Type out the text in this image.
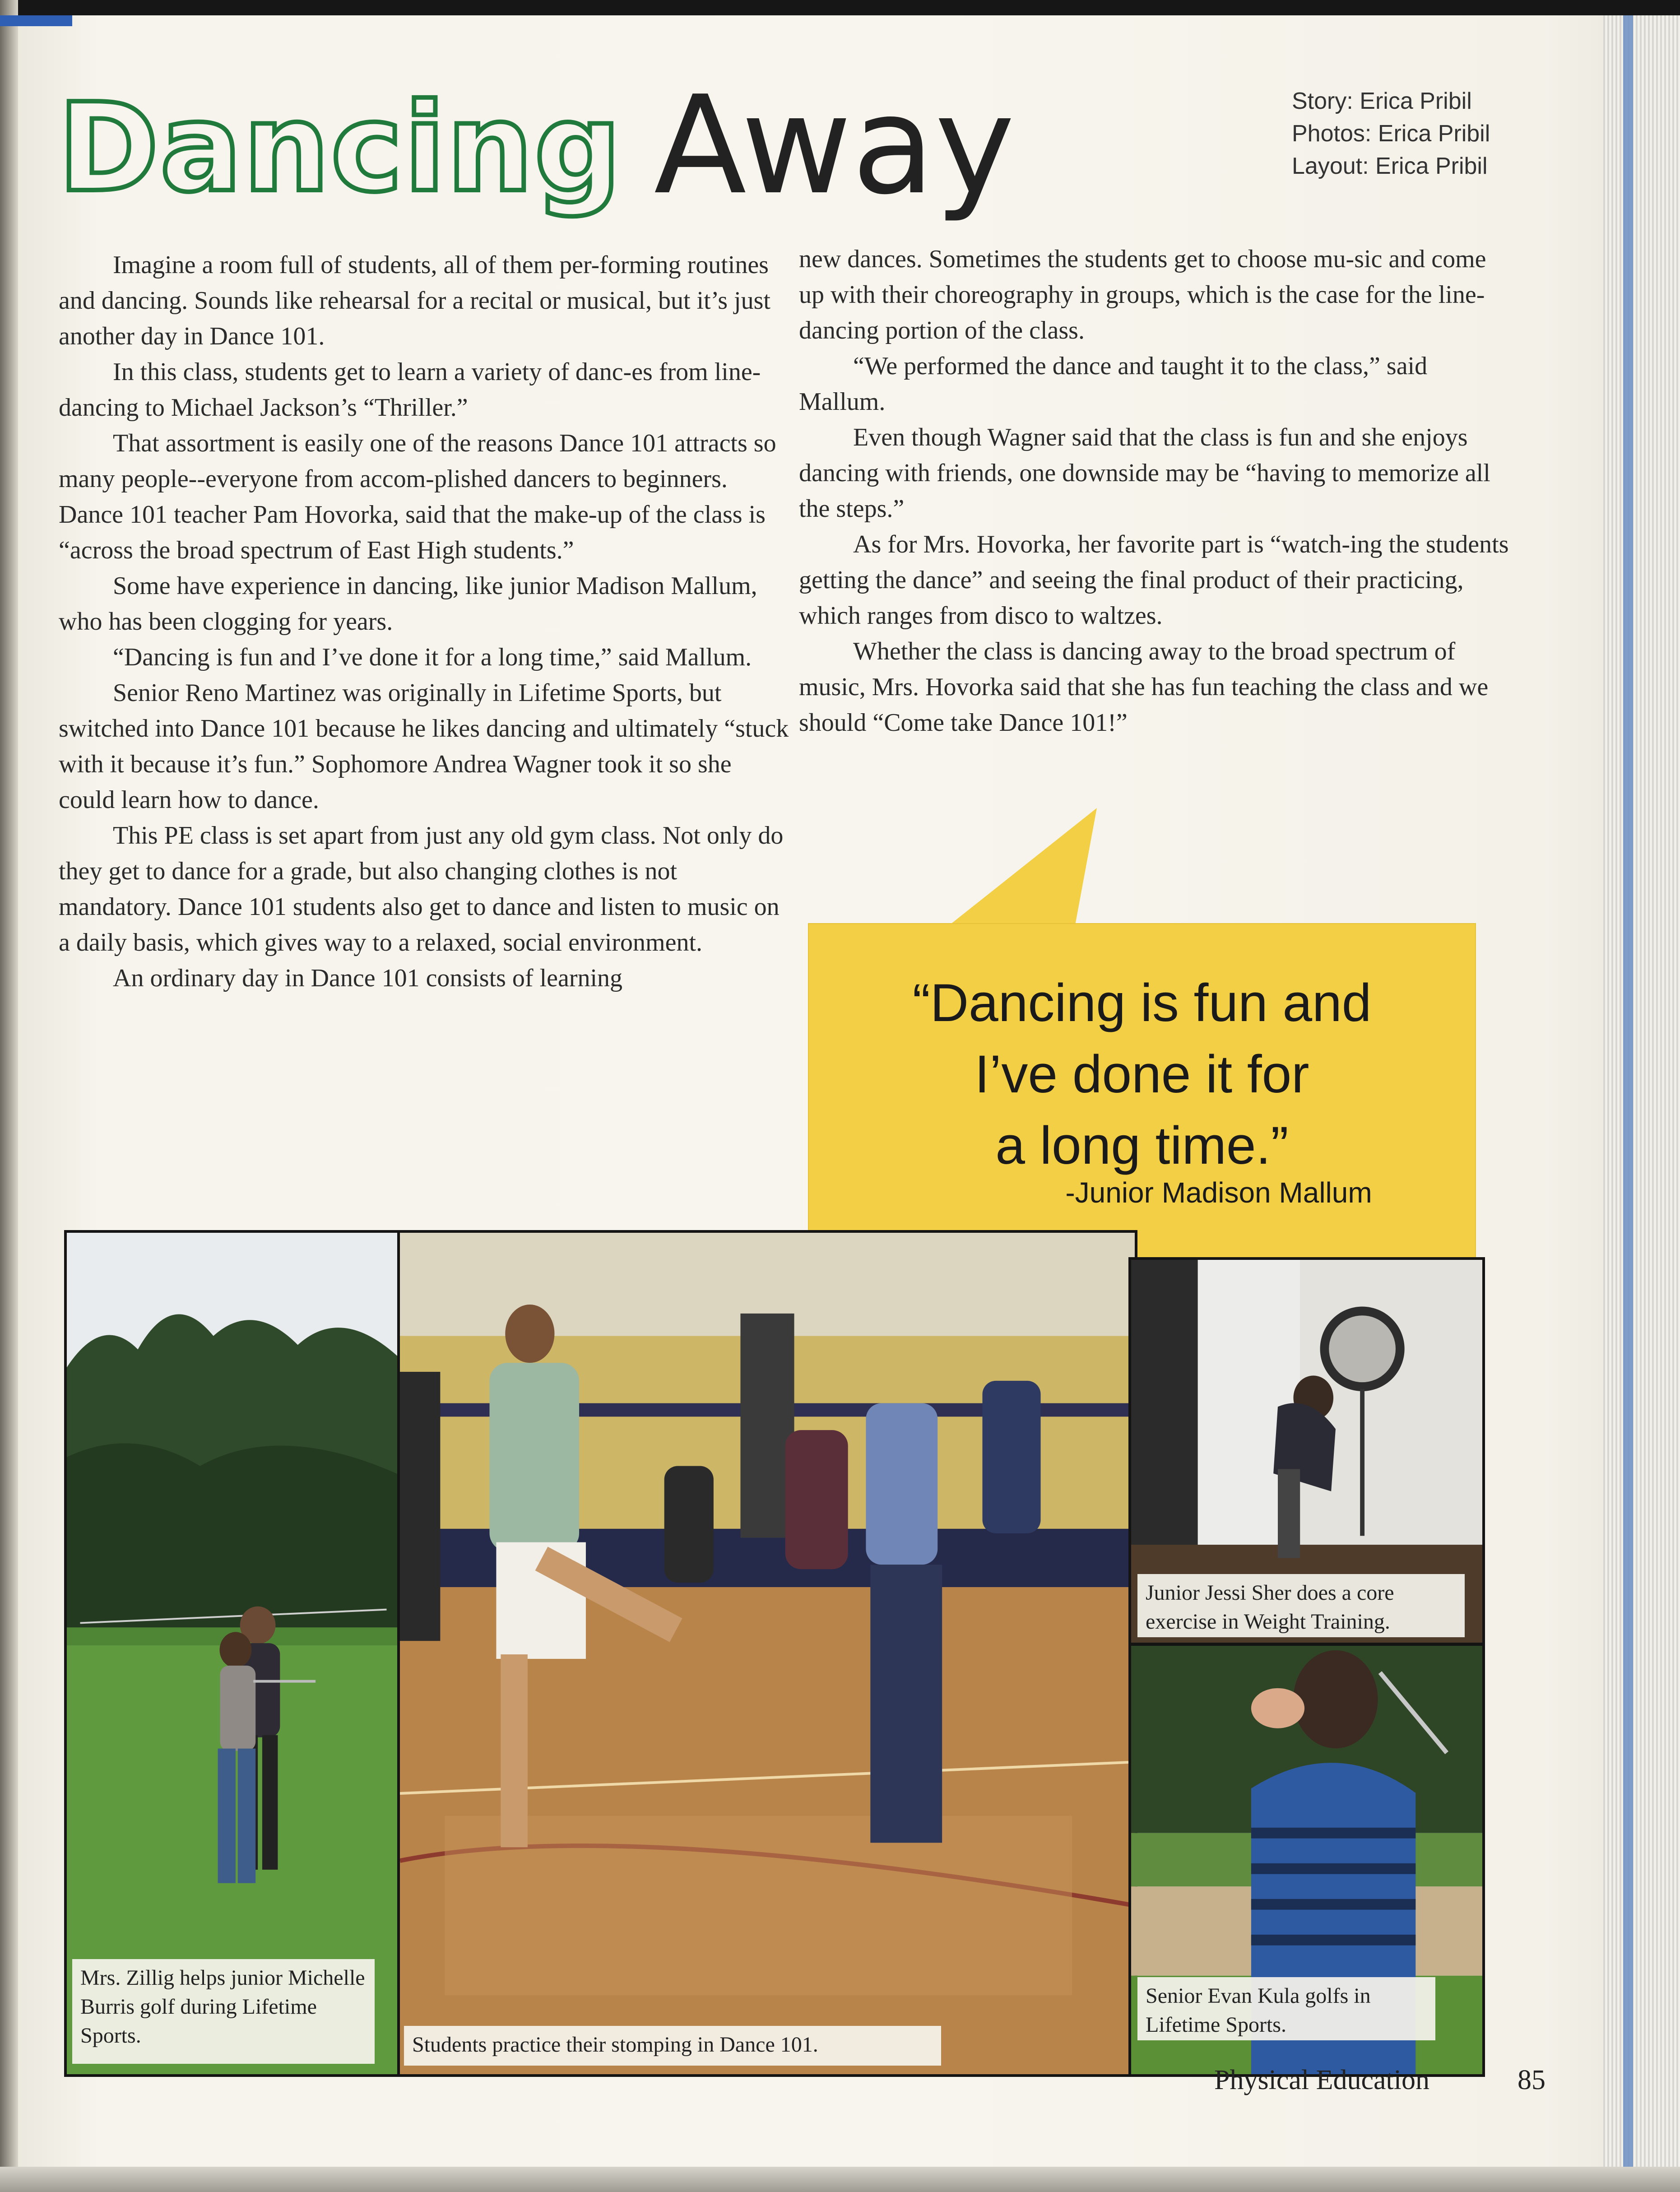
Dancing Away	Story: Erica Pribil
Photos: Erica Pribil
Layout: Erica Pribil

Imagine a room full of students, all of them per-forming routines and dancing. Sounds like rehearsal for a recital or musical, but it’s just another day in Dance 101.

In this class, students get to learn a variety of danc-es from line-dancing to Michael Jackson’s “Thriller.”

That assortment is easily one of the reasons Dance 101 attracts so many people--everyone from accom-plished dancers to beginners. Dance 101 teacher Pam Hovorka, said that the make-up of the class is “across the broad spectrum of East High students.”

Some have experience in dancing, like junior Madison Mallum, who has been clogging for years.

“Dancing is fun and I’ve done it for a long time,” said Mallum.

Senior Reno Martinez was originally in Lifetime Sports, but switched into Dance 101 because he likes dancing and ultimately “stuck with it because it’s fun.” Sophomore Andrea Wagner took it so she could learn how to dance.

This PE class is set apart from just any old gym class. Not only do they get to dance for a grade, but also changing clothes is not mandatory. Dance 101 students also get to dance and listen to music on a daily basis, which gives way to a relaxed, social environment.

An ordinary day in Dance 101 consists of learning

new dances. Sometimes the students get to choose mu-sic and come up with their choreography in groups, which is the case for the line-dancing portion of the class.

“We performed the dance and taught it to the class,” said Mallum.

Even though Wagner said that the class is fun and she enjoys dancing with friends, one downside may be “having to memorize all the steps.”

As for Mrs. Hovorka, her favorite part is “watch-ing the students getting the dance” and seeing the final product of their practicing, which ranges from disco to waltzes.

Whether the class is dancing away to the broad spectrum of music, Mrs. Hovorka said that she has fun teaching the class and we should “Come take Dance 101!”

“Dancing is fun and
I’ve done it for
a long time.”
-Junior Madison Mallum
Mrs. Zillig helps junior Michelle Burris golf during Lifetime Sports.	Students practice their stomping in Dance 101.
Junior Jessi Sher does a core exercise in Weight Training.
Senior Evan Kula golfs in Lifetime Sports.
Physical Education	85
